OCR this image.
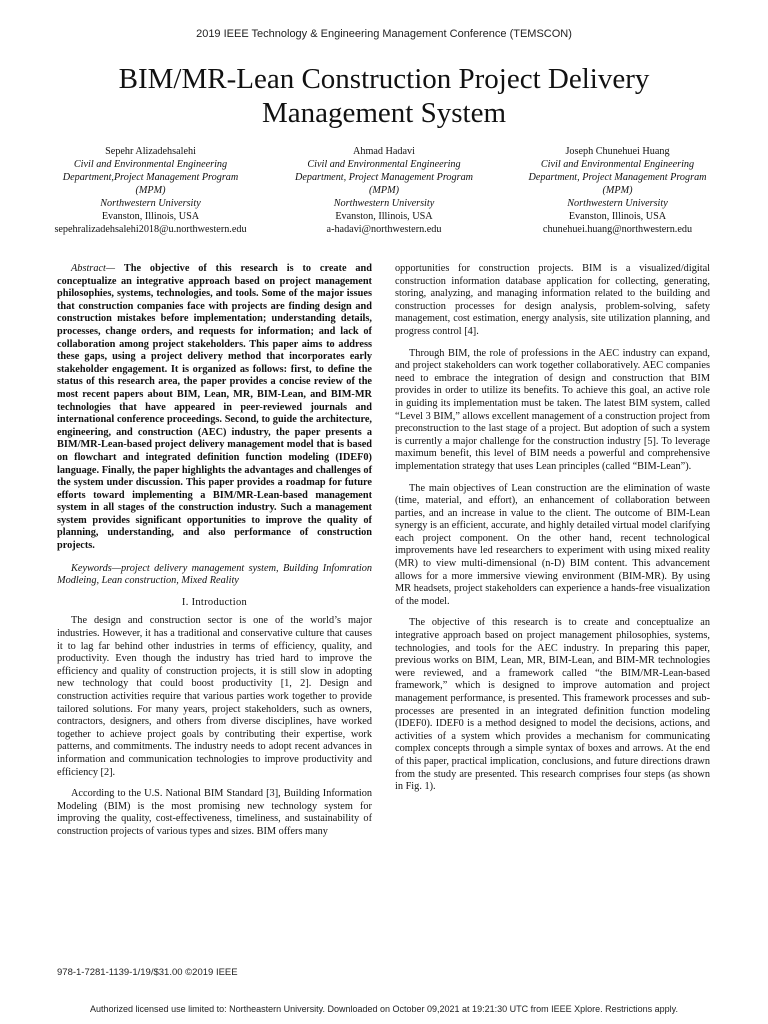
2019 IEEE Technology & Engineering Management Conference (TEMSCON)
BIM/MR-Lean Construction Project Delivery Management System
Sepehr Alizadehsalehi
Civil and Environmental Engineering Department,Project Management Program (MPM)
Northwestern University
Evanston, Illinois, USA
sepehralizadehsalehi2018@u.northwestern.edu
Ahmad Hadavi
Civil and Environmental Engineering Department, Project Management Program (MPM)
Northwestern University
Evanston, Illinois, USA
a-hadavi@northwestern.edu
Joseph Chunehuei Huang
Civil and Environmental Engineering Department, Project Management Program (MPM)
Northwestern University
Evanston, Illinois, USA
chunehuei.huang@northwestern.edu
Abstract— The objective of this research is to create and conceptualize an integrative approach based on project management philosophies, systems, technologies, and tools. Some of the major issues that construction companies face with projects are finding design and construction mistakes before implementation; understanding details, processes, change orders, and requests for information; and lack of collaboration among project stakeholders. This paper aims to address these gaps, using a project delivery method that incorporates early stakeholder engagement. It is organized as follows: first, to define the status of this research area, the paper provides a concise review of the most recent papers about BIM, Lean, MR, BIM-Lean, and BIM-MR technologies that have appeared in peer-reviewed journals and international conference proceedings. Second, to guide the architecture, engineering, and construction (AEC) industry, the paper presents a BIM/MR-Lean-based project delivery management model that is based on flowchart and integrated definition function modeling (IDEF0) language. Finally, the paper highlights the advantages and challenges of the system under discussion. This paper provides a roadmap for future efforts toward implementing a BIM/MR-Lean-based management system in all stages of the construction industry. Such a management system provides significant opportunities to improve the quality of planning, understanding, and also performance of construction projects.

Keywords—project delivery management system, Building Infomration Modleing, Lean construction, Mixed Reality

I. Introduction

The design and construction sector is one of the world’s major industries. However, it has a traditional and conservative culture that causes it to lag far behind other industries in terms of efficiency, quality, and productivity. Even though the industry has tried hard to improve the efficiency and quality of construction projects, it is still slow in adopting new technology that could boost productivity [1, 2]. Design and construction activities require that various parties work together to provide tailored solutions. For many years, project stakeholders, such as owners, contractors, designers, and others from diverse disciplines, have worked together to achieve project goals by contributing their expertise, work patterns, and commitments. The industry needs to adopt recent advances in information and communication technologies to improve productivity and efficiency [2].

According to the U.S. National BIM Standard [3], Building Information Modeling (BIM) is the most promising new technology system for improving the quality, cost-effectiveness, timeliness, and sustainability of construction projects of various types and sizes. BIM offers many

opportunities for construction projects. BIM is a visualized/digital construction information database application for collecting, generating, storing, analyzing, and managing information related to the building and construction processes for design analysis, problem-solving, safety management, cost estimation, energy analysis, site utilization planning, and progress control [4].

Through BIM, the role of professions in the AEC industry can expand, and project stakeholders can work together collaboratively. AEC companies need to embrace the integration of design and construction that BIM provides in order to utilize its benefits. To achieve this goal, an active role in guiding its implementation must be taken. The latest BIM system, called “Level 3 BIM,” allows excellent management of a construction project from preconstruction to the last stage of a project. But adoption of such a system is currently a major challenge for the construction industry [5]. To leverage maximum benefit, this level of BIM needs a powerful and comprehensive implementation strategy that uses Lean principles (called “BIM-Lean”).

The main objectives of Lean construction are the elimination of waste (time, material, and effort), an enhancement of collaboration between parties, and an increase in value to the client. The outcome of BIM-Lean synergy is an efficient, accurate, and highly detailed virtual model clarifying each project component. On the other hand, recent technological improvements have led researchers to experiment with using mixed reality (MR) to view multi-dimensional (n-D) BIM content. This advancement allows for a more immersive viewing environment (BIM-MR). By using MR headsets, project stakeholders can experience a hands-free visualization of the model.

The objective of this research is to create and conceptualize an integrative approach based on project management philosophies, systems, technologies, and tools for the AEC industry. In preparing this paper, previous works on BIM, Lean, MR, BIM-Lean, and BIM-MR technologies were reviewed, and a framework called “the BIM/MR-Lean-based framework,” which is designed to improve automation and project management performance, is presented. This framework processes and sub-processes are presented in an integrated definition function modeling (IDEF0). IDEF0 is a method designed to model the decisions, actions, and activities of a system which provides a mechanism for communicating complex concepts through a simple syntax of boxes and arrows. At the end of this paper, practical implication, conclusions, and future directions drawn from the study are presented. This research comprises four steps (as shown in Fig. 1).

978-1-7281-1139-1/19/$31.00 ©2019 IEEE
Authorized licensed use limited to: Northeastern University. Downloaded on October 09,2021 at 19:21:30 UTC from IEEE Xplore. Restrictions apply.
